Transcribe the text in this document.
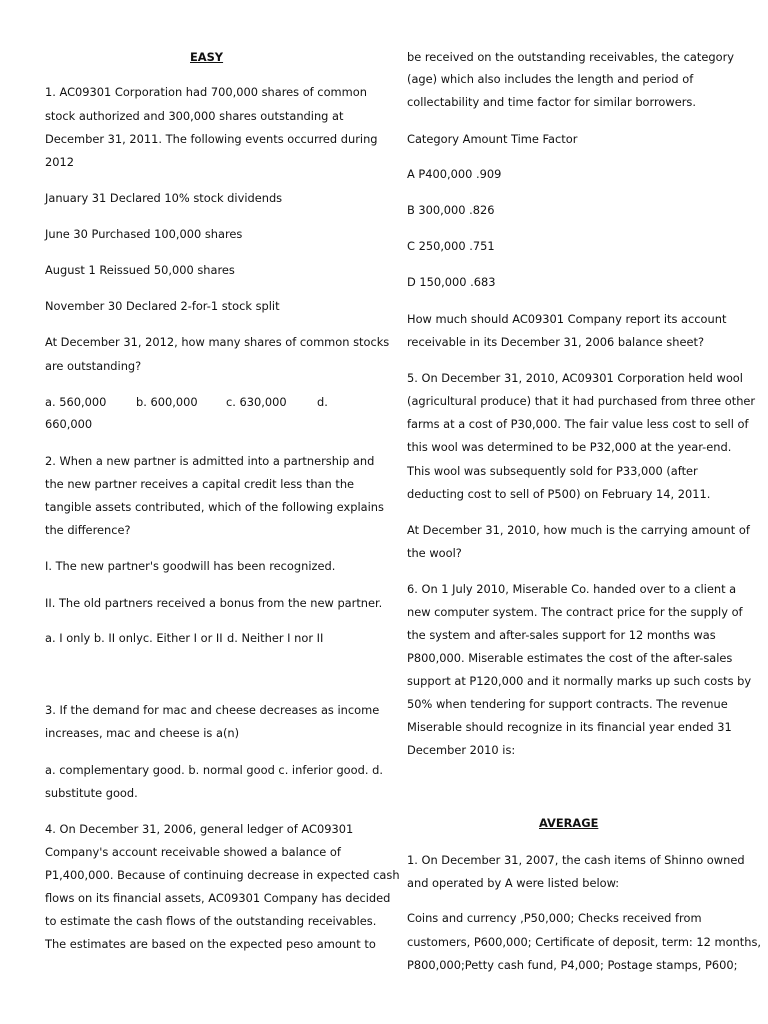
EASY
1. AC09301 Corporation had 700,000 shares of common
stock authorized and 300,000 shares outstanding at
December 31, 2011. The following events occurred during
2012
January 31 Declared 10% stock dividends
June 30 Purchased 100,000 shares
August 1 Reissued 50,000 shares
November 30 Declared 2-for-1 stock split
At December 31, 2012, how many shares of common stocks
are outstanding?
a. 560,000	b. 600,000 c. 630,000	d.
660,000
2. When a new partner is admitted into a partnership and
the new partner receives a capital credit less than the
tangible assets contributed, which of the following explains
the difference?
I. The new partner's goodwill has been recognized.
II. The old partners received a bonus from the new partner.
a. I only b. II onlyc. Either I or II d. Neither I nor II
3. If the demand for mac and cheese decreases as income
increases, mac and cheese is a(n)
a. complementary good. b. normal good c. inferior good. d.
substitute good.
4. On December 31, 2006, general ledger of AC09301
Company's account receivable showed a balance of
P1,400,000. Because of continuing decrease in expected cash
flows on its financial assets, AC09301 Company has decided
to estimate the cash flows of the outstanding receivables.
The estimates are based on the expected peso amount to
be received on the outstanding receivables, the category
(age) which also includes the length and period of
collectability and time factor for similar borrowers.
Category Amount Time Factor
A P400,000 .909
B 300,000 .826
C 250,000 .751
D 150,000 .683
How much should AC09301 Company report its account
receivable in its December 31, 2006 balance sheet?
5. On December 31, 2010, AC09301 Corporation held wool
(agricultural produce) that it had purchased from three other
farms at a cost of P30,000. The fair value less cost to sell of
this wool was determined to be P32,000 at the year-end.
This wool was subsequently sold for P33,000 (after
deducting cost to sell of P500) on February 14, 2011.
At December 31, 2010, how much is the carrying amount of
the wool?
6. On 1 July 2010, Miserable Co. handed over to a client a
new computer system. The contract price for the supply of
the system and after-sales support for 12 months was
P800,000. Miserable estimates the cost of the after-sales
support at P120,000 and it normally marks up such costs by
50% when tendering for support contracts. The revenue
Miserable should recognize in its financial year ended 31
December 2010 is:
AVERAGE
1. On December 31, 2007, the cash items of Shinno owned
and operated by A were listed below:
Coins and currency ,P50,000; Checks received from
customers, P600,000; Certificate of deposit, term: 12 months,
P800,000;Petty cash fund, P4,000; Postage stamps, P600;
